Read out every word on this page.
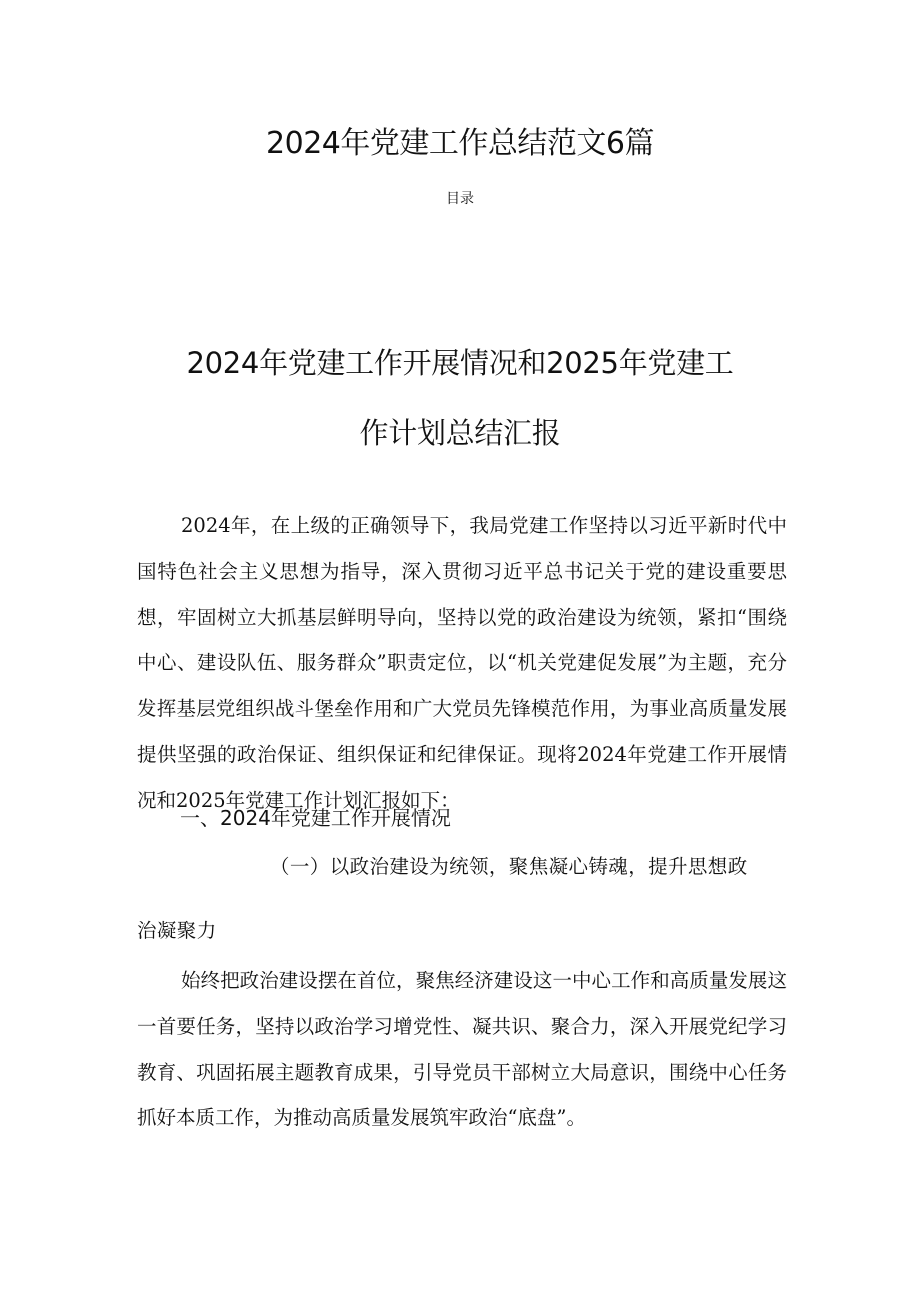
2024年党建工作总结范文6篇
目录
2024年党建工作开展情况和2025年党建工
作计划总结汇报
2024年，在上级的正确领导下，我局党建工作坚持以习近平新时代中国特色社会主义思想为指导，深入贯彻习近平总书记关于党的建设重要思想，牢固树立大抓基层鲜明导向，坚持以党的政治建设为统领，紧扣“围绕中心、建设队伍、服务群众”职责定位，以“机关党建促发展”为主题，充分发挥基层党组织战斗堡垒作用和广大党员先锋模范作用，为事业高质量发展提供坚强的政治保证、组织保证和纪律保证。现将2024年党建工作开展情况和2025年党建工作计划汇报如下：
一、2024年党建工作开展情况
（一）以政治建设为统领，聚焦凝心铸魂，提升思想政
治凝聚力
始终把政治建设摆在首位，聚焦经济建设这一中心工作和高质量发展这一首要任务，坚持以政治学习增党性、凝共识、聚合力，深入开展党纪学习教育、巩固拓展主题教育成果，引导党员干部树立大局意识，围绕中心任务抓好本质工作，为推动高质量发展筑牢政治“底盘”。
